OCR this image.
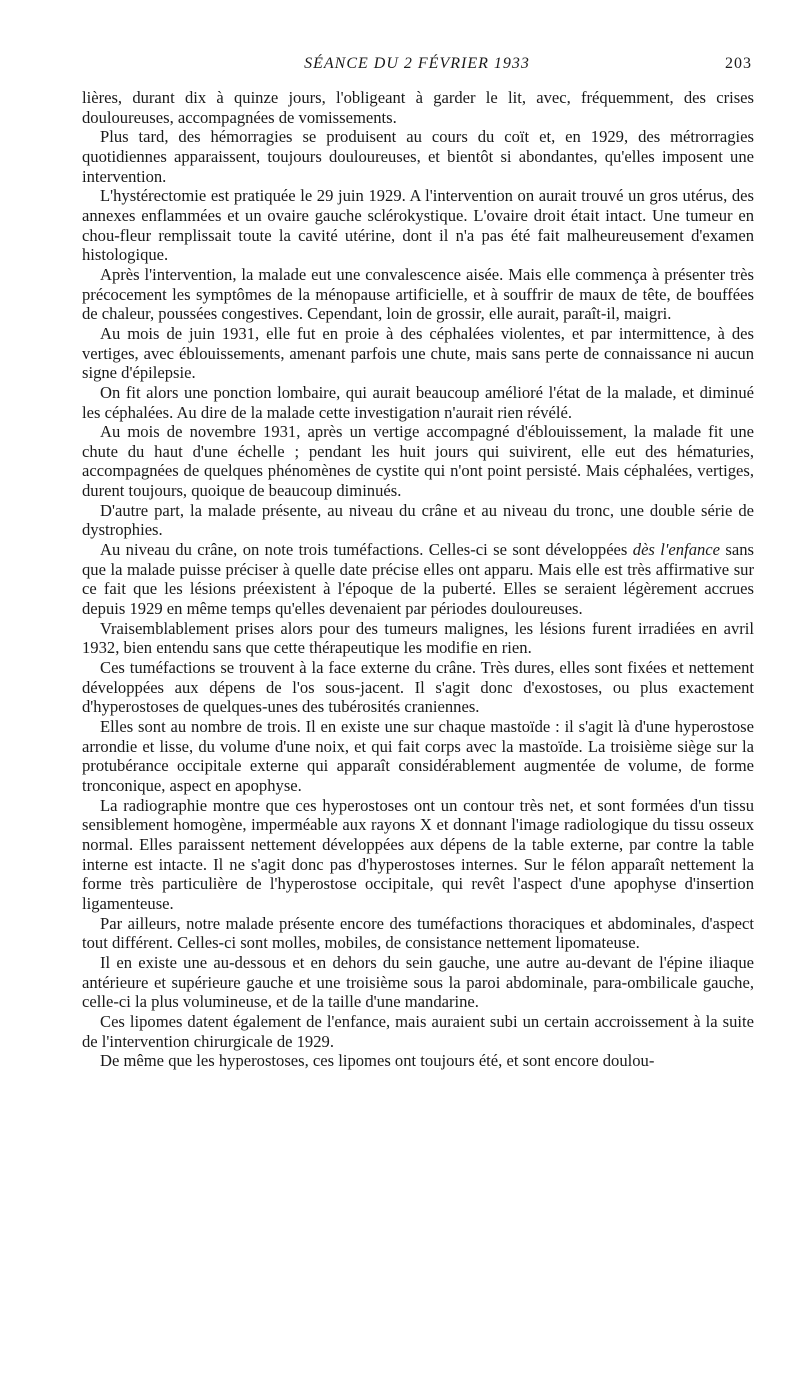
SÉANCE DU 2 FÉVRIER 1933	203

lières, durant dix à quinze jours, l'obligeant à garder le lit, avec, fréquemment, des crises douloureuses, accompagnées de vomissements.

Plus tard, des hémorragies se produisent au cours du coït et, en 1929, des métrorragies quotidiennes apparaissent, toujours douloureuses, et bientôt si abondantes, qu'elles imposent une intervention.

L'hystérectomie est pratiquée le 29 juin 1929. A l'intervention on aurait trouvé un gros utérus, des annexes enflammées et un ovaire gauche sclérokystique. L'ovaire droit était intact. Une tumeur en chou-fleur remplissait toute la cavité utérine, dont il n'a pas été fait malheureusement d'examen histologique.

Après l'intervention, la malade eut une convalescence aisée. Mais elle commença à présenter très précocement les symptômes de la ménopause artificielle, et à souffrir de maux de tête, de bouffées de chaleur, poussées congestives. Cependant, loin de grossir, elle aurait, paraît-il, maigri.

Au mois de juin 1931, elle fut en proie à des céphalées violentes, et par intermittence, à des vertiges, avec éblouissements, amenant parfois une chute, mais sans perte de connaissance ni aucun signe d'épilepsie.

On fit alors une ponction lombaire, qui aurait beaucoup amélioré l'état de la malade, et diminué les céphalées. Au dire de la malade cette investigation n'aurait rien révélé.

Au mois de novembre 1931, après un vertige accompagné d'éblouissement, la malade fit une chute du haut d'une échelle ; pendant les huit jours qui suivirent, elle eut des hématuries, accompagnées de quelques phénomènes de cystite qui n'ont point persisté. Mais céphalées, vertiges, durent toujours, quoique de beaucoup diminués.

D'autre part, la malade présente, au niveau du crâne et au niveau du tronc, une double série de dystrophies.

Au niveau du crâne, on note trois tuméfactions. Celles-ci se sont développées dès l'enfance sans que la malade puisse préciser à quelle date précise elles ont apparu. Mais elle est très affirmative sur ce fait que les lésions préexistent à l'époque de la puberté. Elles se seraient légèrement accrues depuis 1929 en même temps qu'elles devenaient par périodes douloureuses.

Vraisemblablement prises alors pour des tumeurs malignes, les lésions furent irradiées en avril 1932, bien entendu sans que cette thérapeutique les modifie en rien.

Ces tuméfactions se trouvent à la face externe du crâne. Très dures, elles sont fixées et nettement développées aux dépens de l'os sous-jacent. Il s'agit donc d'exostoses, ou plus exactement d'hyperostoses de quelques-unes des tubérosités craniennes.

Elles sont au nombre de trois. Il en existe une sur chaque mastoïde : il s'agit là d'une hyperostose arrondie et lisse, du volume d'une noix, et qui fait corps avec la mastoïde. La troisième siège sur la protubérance occipitale externe qui apparaît considérablement augmentée de volume, de forme tronconique, aspect en apophyse.

La radiographie montre que ces hyperostoses ont un contour très net, et sont formées d'un tissu sensiblement homogène, imperméable aux rayons X et donnant l'image radiologique du tissu osseux normal. Elles paraissent nettement développées aux dépens de la table externe, par contre la table interne est intacte. Il ne s'agit donc pas d'hyperostoses internes. Sur le félon apparaît nettement la forme très particulière de l'hyperostose occipitale, qui revêt l'aspect d'une apophyse d'insertion ligamenteuse.

Par ailleurs, notre malade présente encore des tuméfactions thoraciques et abdominales, d'aspect tout différent. Celles-ci sont molles, mobiles, de consistance nettement lipomateuse.

Il en existe une au-dessous et en dehors du sein gauche, une autre au-devant de l'épine iliaque antérieure et supérieure gauche et une troisième sous la paroi abdominale, para-ombilicale gauche, celle-ci la plus volumineuse, et de la taille d'une mandarine.

Ces lipomes datent également de l'enfance, mais auraient subi un certain accroissement à la suite de l'intervention chirurgicale de 1929.

De même que les hyperostoses, ces lipomes ont toujours été, et sont encore doulou-
